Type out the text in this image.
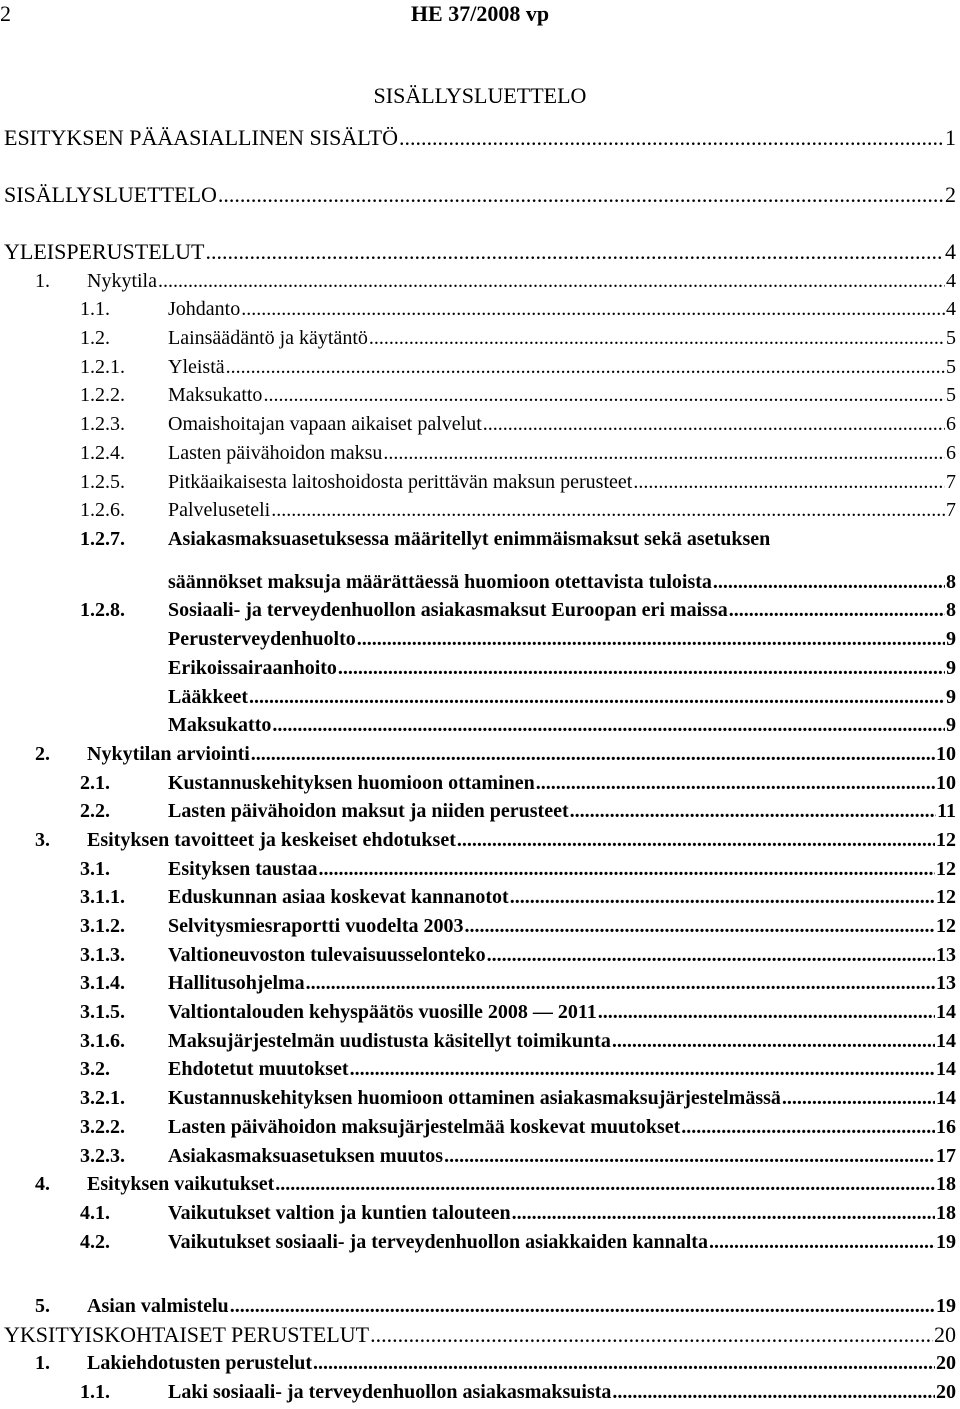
2	HE 37/2008 vp
SISÄLLYSLUETTELO
ESITYKSEN PÄÄASIALLINEN SISÄLTÖ .....	1
SISÄLLYSLUETTELO .....	2
YLEISPERUSTELUT .....	4
1. Nykytila .....	4
1.1.	Johdanto .....	4
1.2.	Lainsäädäntö ja käytäntö .....	5
1.2.1. Yleistä .....	5
1.2.2. Maksukatto .....	5
1.2.3. Omaishoitajan vapaan aikaiset palvelut .....	6
1.2.4. Lasten päivähoidon maksu .....	6
1.2.5. Pitkäaikaisesta laitoshoidosta perittävän maksun perusteet .....	7
1.2.6. Palveluseteli .....	7
1.2.7. Asiakasmaksuasetuksessa määritellyt enimmäismaksut sekä asetuksen
säännökset maksuja määrättäessä huomioon otettavista tuloista .....	8
1.2.8. Sosiaali- ja terveydenhuollon asiakasmaksut Euroopan eri maissa .....	8
Perusterveydenhuolto .....	9
Erikoissairaanhoito .....	9
Lääkkeet .....	9
Maksukatto .....	9
2. Nykytilan arviointi .....	10
2.1.	Kustannuskehityksen huomioon ottaminen .....	10
2.2.	Lasten päivähoidon maksut ja niiden perusteet .....	11
3. Esityksen tavoitteet ja keskeiset ehdotukset .....	12
3.1.	Esityksen taustaa .....	12
3.1.1. Eduskunnan asiaa koskevat kannanotot .....	12
3.1.2. Selvitysmiesraportti vuodelta 2003 .....	12
3.1.3. Valtioneuvoston tulevaisuusselonteko .....	13
3.1.4. Hallitusohjelma .....	13
3.1.5. Valtiontalouden kehyspäätös vuosille 2008 — 2011 .....	14
3.1.6. Maksujärjestelmän uudistusta käsitellyt toimikunta .....	14
3.2.	Ehdotetut muutokset .....	14
3.2.1. Kustannuskehityksen huomioon ottaminen asiakasmaksujärjestelmässä .....	14
3.2.2. Lasten päivähoidon maksujärjestelmää koskevat muutokset .....	16
3.2.3. Asiakasmaksuasetuksen muutos .....	17
4. Esityksen vaikutukset .....	18
4.1.	Vaikutukset valtion ja kuntien talouteen .....	18
4.2.	Vaikutukset sosiaali- ja terveydenhuollon asiakkaiden kannalta .....	19
5. Asian valmistelu .....	19
YKSITYISKOHTAISET PERUSTELUT .....	20
1. Lakiehdotusten perustelut .....	20
1.1.	Laki sosiaali- ja terveydenhuollon asiakasmaksuista .....	20
